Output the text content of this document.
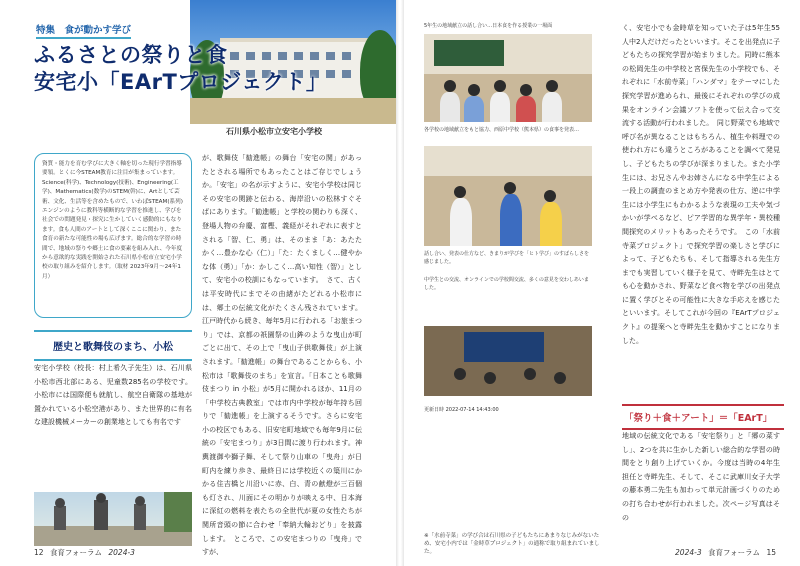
特集　食が動かす学び
ふるさとの祭りと食
安宅小「EArTプロジェクト」
石川県小松市立安宅小学校
資質・能力を育む学びに大きく軸を切った現行学習指導要領。とくに今STEAM教育に注目が集まっています。Science(科学)、Technology(技術)、Engineering(工学)、Mathematics(数学)のSTEM(幹)に、Artとして芸術、文化、生活等を含めたもので、いわばSTEAM(系列)エンジンのように教科等横断的な学習を推進し、学びを社会での問題発見・探究に生かしていく感動的にもなります。食も人間のアートとして深くここに関わり、また食育の新たな可能性の場も広げます。総合的な学習の時間で、地域の祭りや郷土に食の要素を組み入れ、今年度から意欲的な実践を開始された石川県小松市立安宅小学校の取り組みを紹介します。（取材 2023年9月〜24年1月）
歴史と歌舞伎のまち、小松
安宅小学校（校長：村上希久子先生）は、石川県小松市西北部にある、児童数285名の学校です。小松市には国際便も就航し、航空自衛隊の基地が置かれている小松空港があり、また世界的に有名な建設機械メーカーの創業地としても有名です
が、歌舞伎「勧進帳」の舞台「安宅の関」があったとされる場所でもあったことはご存じでしょうか。「安宅」の名が示すように、安宅小学校は同じその安宅の関跡と伝わる、海岸沿いの松林すぐそばにあります。「勧進帳」と学校の関わりも深く、登場人物の弁慶、富樫、義経がそれぞれに表すとされる「智、仁、勇」は、そのまま「あ：あたたかく…豊かな心（仁）」「た：たくましく…健やかな体（勇）」「か：かしこく…高い知性（智）」として、安宅小の校訓にもなっています。　さて、古くは平安時代にまでその由緒がたどれる小松市には、郷土の伝統文化がたくさん残されています。江戸時代から続き、毎年5月に行われる「お旅まつり」では、京都の祇園祭の山鉾のような曳山が町ごとに出て、その上で「曳山子供歌舞伎」が上演されます。「勧進帳」の舞台であることからも、小松市は「歌舞伎のまち」を宣言。「日本ことも歌舞伎まつり in 小松」が5月に開かれるほか、11月の「中学校古典教室」では市内中学校が毎年持ち回りで「勧進帳」を上演するそうです。さらに安宅小の校区でもある、旧安宅町地域でも毎年9月に伝統の「安宅まつり」が3日間に渡り行われます。神輿渡御や獅子舞、そして祭り山車の「曳舟」が日町内を練り歩き、最終日には学校近くの簗川にかかる住吉橋と川沿いに赤、白、青の献燈が三百個も灯され、川面にその明かりが映える中、日本海に深紅の燃料を表たちの全世代が夏の女性たちが関所音頭の節に合わせ「奉納大輪おどり」を披露します。　ところで、この安宅まつりの「曳舟」ですが、
12 食育フォーラム 2024-3
5年生の地域献立の話し合い…日本食を作る授業の一場面
各学校の地域献立をもと協力、西原中学校（熊本県）の食事を発表…
話し合い、発表の仕方など、きまりが学びを「ヒト学び」のすばらしさを感じました。
中学生との交流、オンラインでの学校間交流、多くの意見を交わしあいました。
更新日時 2022-07-14 14:43:00
※「水前寺菜」の学び合は石川県の子どもたちにあまりなじみがないため、安宅小内では「金時草プロジェクト」の通称で取り組まれていました。
く、安宅小でも金時草を知っていた子は5年生55人中2人だけだったといいます。そこを出発点に子どもたちの探究学習が始まりました。同時に熊本の松岡先生の中学校と宮保先生の小学校でも、それぞれに「水前寺菜」「ハンダマ」をテーマにした探究学習が進められ、最後にそれぞれの学びの成果をオンライン会議ソフトを使って伝え合って交流する活動が行われました。　同じ野菜でも地域で呼び名が異なることはもちろん、植生や料理での使われ方にも違うところがあることを調べて発見し、子どもたちの学びが深まりました。また小学生には、お兄さんやお姉さんになる中学生による一段上の調査のまとめ方や発表の仕方、逆に中学生には小学生にもわかるような表現の工夫や気づかいが学べるなど、ピア学習的な異学年・異校種間探究のメリットもあったそうです。　この「水前寺菜プロジェクト」で探究学習の楽しさと学びによって、子どもたちも、そして指導される先生方までも実習していく様子を見て、寺畔先生はとても心を動かされ、野菜など食べ物を学びの出発点に置く学びとその可能性に大きな手応えを感じたといいます。そしてこれが今回の『EArTプロジェクト』の提案へと寺畔先生を動かすことになりました。
「祭り＋食＋アート」＝「EArT」
地域の伝統文化である「安宅祭り」と「郷の菜すし」、2つを共に生かした新しい総合的な学習の時間をとり創り上げていくか。今度は当時の4年生担任と寺畔先生、そして、そこに武庫川女子大学の藤本勇二先生も加わって単元計画づくりのための打ち合わせが行われました。次ページ写真はその
2024-3 食育フォーラム 15
